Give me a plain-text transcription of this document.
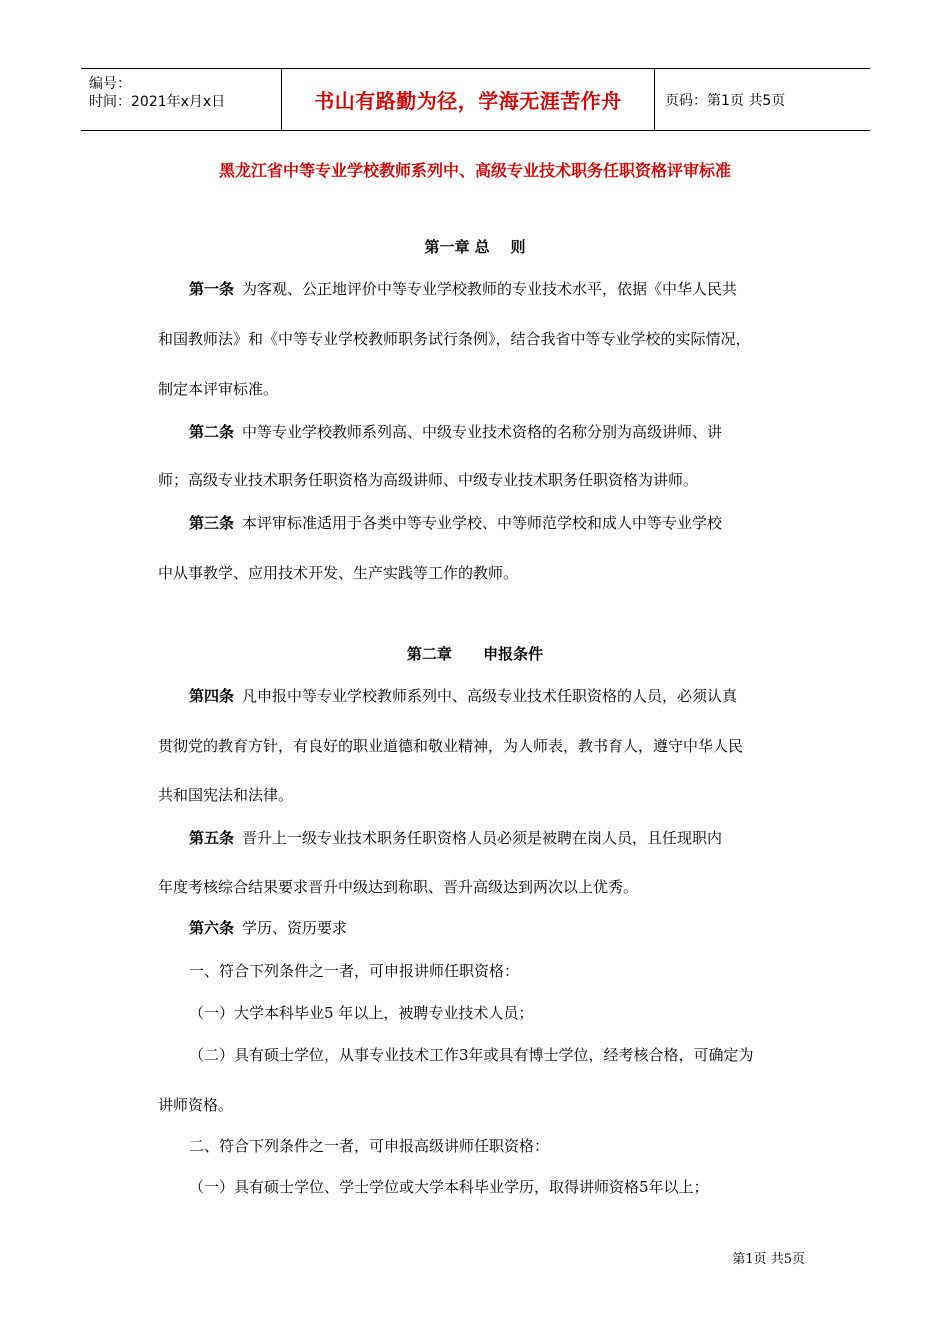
编号：
时间：2021年x月x日	书山有路勤为径，学海无涯苦作舟	页码：第1页 共5页
黑龙江省中等专业学校教师系列中、高级专业技术职务任职资格评审标准
第一章 总    则
第一条 为客观、公正地评价中等专业学校教师的专业技术水平，依据《中华人民共
和国教师法》和《中等专业学校教师职务试行条例》，结合我省中等专业学校的实际情况，
制定本评审标准。
第二条 中等专业学校教师系列高、中级专业技术资格的名称分别为高级讲师、讲
师；高级专业技术职务任职资格为高级讲师、中级专业技术职务任职资格为讲师。
第三条 本评审标准适用于各类中等专业学校、中等师范学校和成人中等专业学校
中从事教学、应用技术开发、生产实践等工作的教师。
第二章      申报条件
第四条 凡申报中等专业学校教师系列中、高级专业技术任职资格的人员，必须认真
贯彻党的教育方针，有良好的职业道德和敬业精神，为人师表，教书育人，遵守中华人民
共和国宪法和法律。
第五条 晋升上一级专业技术职务任职资格人员必须是被聘在岗人员，且任现职内
年度考核综合结果要求晋升中级达到称职、晋升高级达到两次以上优秀。
第六条 学历、资历要求
一、符合下列条件之一者，可申报讲师任职资格：
（一）大学本科毕业5 年以上，被聘专业技术人员；
（二）具有硕士学位，从事专业技术工作3年或具有博士学位，经考核合格，可确定为
讲师资格。
二、符合下列条件之一者，可申报高级讲师任职资格：
（一）具有硕士学位、学士学位或大学本科毕业学历，取得讲师资格5年以上；
第1页 共5页
